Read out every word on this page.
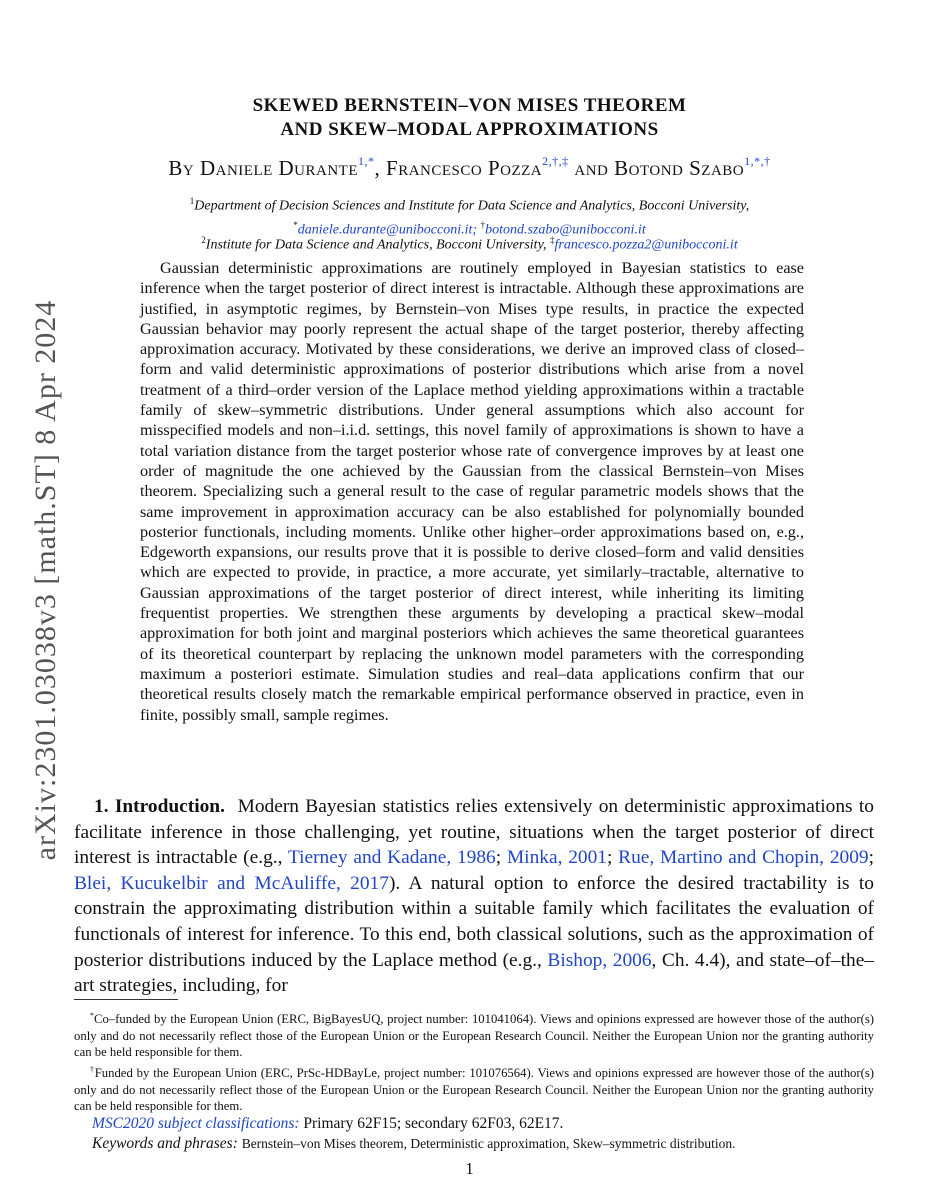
arXiv:2301.03038v3 [math.ST] 8 Apr 2024
SKEWED BERNSTEIN–VON MISES THEOREM
AND SKEW–MODAL APPROXIMATIONS
By Daniele Durante$^{1,*}$, Francesco Pozza$^{2,\dagger,\ddagger}$ and Botond Szabo$^{1,*,\dagger}$
$^1$Department of Decision Sciences and Institute for Data Science and Analytics, Bocconi University,
*daniele.durante@unibocconi.it; †botond.szabo@unibocconi.it
$^2$Institute for Data Science and Analytics, Bocconi University, ‡francesco.pozza2@unibocconi.it

Gaussian deterministic approximations are routinely employed in Bayesian statistics to ease inference when the target posterior of direct interest is intractable. Although these approximations are justified, in asymptotic regimes, by Bernstein–von Mises type results, in practice the expected Gaussian behavior may poorly represent the actual shape of the target posterior, thereby affecting approximation accuracy. Motivated by these considerations, we derive an improved class of closed–form and valid deterministic approximations of posterior distributions which arise from a novel treatment of a third–order version of the Laplace method yielding approximations within a tractable family of skew–symmetric distributions. Under general assumptions which also account for misspecified models and non–i.i.d. settings, this novel family of approximations is shown to have a total variation distance from the target posterior whose rate of convergence improves by at least one order of magnitude the one achieved by the Gaussian from the classical Bernstein–von Mises theorem. Specializing such a general result to the case of regular parametric models shows that the same improvement in approximation accuracy can be also established for polynomially bounded posterior functionals, including moments. Unlike other higher–order approximations based on, e.g., Edgeworth expansions, our results prove that it is possible to derive closed–form and valid densities which are expected to provide, in practice, a more accurate, yet similarly–tractable, alternative to Gaussian approximations of the target posterior of direct interest, while inheriting its limiting frequentist properties. We strengthen these arguments by developing a practical skew–modal approximation for both joint and marginal posteriors which achieves the same theoretical guarantees of its theoretical counterpart by replacing the unknown model parameters with the corresponding maximum a posteriori estimate. Simulation studies and real–data applications confirm that our theoretical results closely match the remarkable empirical performance observed in practice, even in finite, possibly small, sample regimes.

1. Introduction. Modern Bayesian statistics relies extensively on deterministic approximations to facilitate inference in those challenging, yet routine, situations when the target posterior of direct interest is intractable (e.g., Tierney and Kadane, 1986; Minka, 2001; Rue, Martino and Chopin, 2009; Blei, Kucukelbir and McAuliffe, 2017). A natural option to enforce the desired tractability is to constrain the approximating distribution within a suitable family which facilitates the evaluation of functionals of interest for inference. To this end, both classical solutions, such as the approximation of posterior distributions induced by the Laplace method (e.g., Bishop, 2006, Ch. 4.4), and state–of–the–art strategies, including, for

*Co–funded by the European Union (ERC, BigBayesUQ, project number: 101041064). Views and opinions expressed are however those of the author(s) only and do not necessarily reflect those of the European Union or the European Research Council. Neither the European Union nor the granting authority can be held responsible for them.

†Funded by the European Union (ERC, PrSc-HDBayLe, project number: 101076564). Views and opinions expressed are however those of the author(s) only and do not necessarily reflect those of the European Union or the European Research Council. Neither the European Union nor the granting authority can be held responsible for them.

MSC2020 subject classifications: Primary 62F15; secondary 62F03, 62E17.
Keywords and phrases: Bernstein–von Mises theorem, Deterministic approximation, Skew–symmetric distribution.
1
